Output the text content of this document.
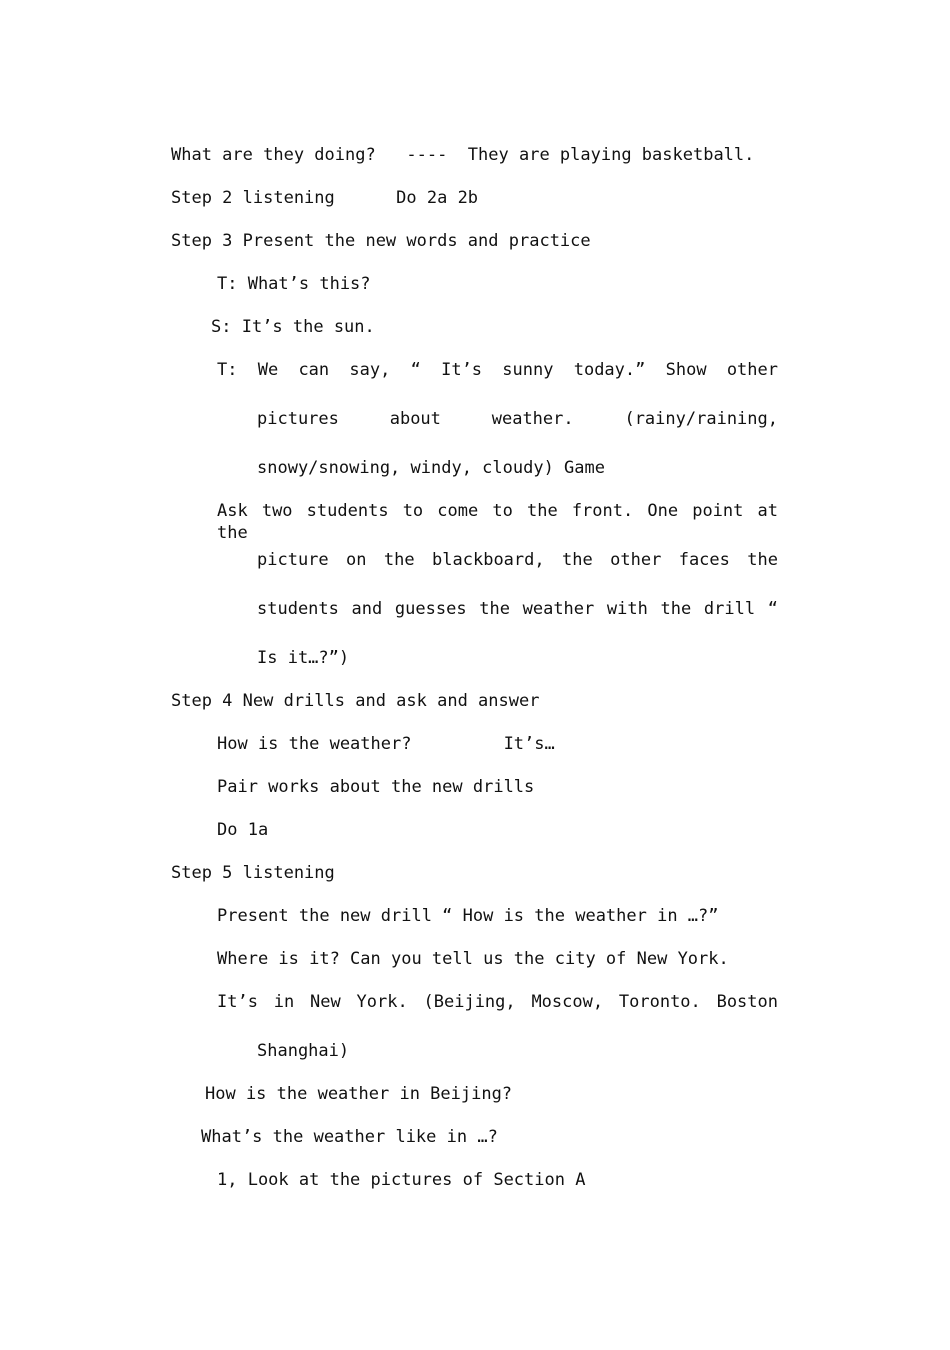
What are they doing?   ----  They are playing basketball.
Step 2 listening      Do 2a 2b
Step 3 Present the new words and practice
T: What’s this?
S: It’s the sun.
T: We can say, “ It’s sunny today.” Show other
pictures about weather. (rainy/raining,
snowy/snowing, windy, cloudy) Game
Ask two students to come to the front. One point at the
picture on the blackboard, the other faces the
students and guesses the weather with the drill “
Is it…?”)
Step 4 New drills and ask and answer
How is the weather?         It’s…
Pair works about the new drills
Do 1a
Step 5 listening
Present the new drill “ How is the weather in …?”
Where is it? Can you tell us the city of New York.
It’s in New York. (Beijing, Moscow, Toronto. Boston
Shanghai)
How is the weather in Beijing?
What’s the weather like in …?
1, Look at the pictures of Section A
